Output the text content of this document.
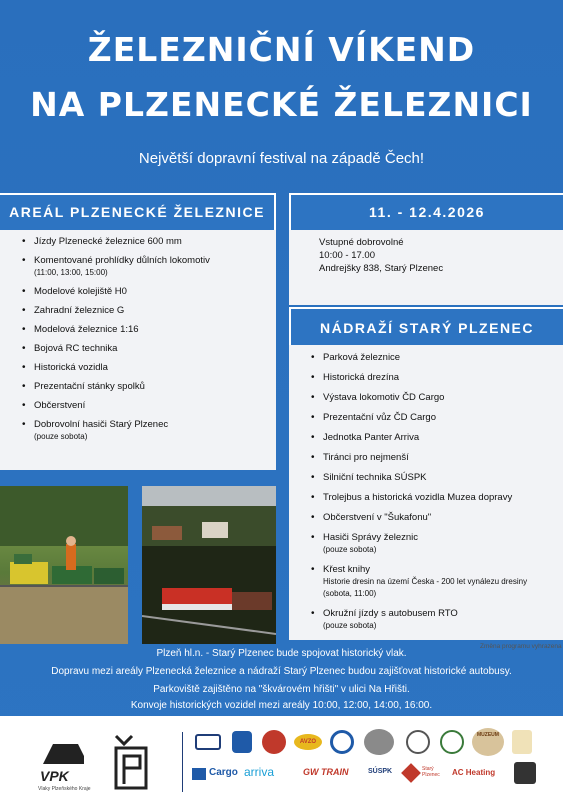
ŽELEZNIČNÍ VÍKEND
NA PLZENECKÉ ŽELEZNICI
Největší dopravní festival na západě Čech!
AREÁL PLZENECKÉ ŽELEZNICE	11. - 12.4.2026
• Jízdy Plzenecké železnice 600 mm
• Komentované prohlídky důlních lokomotiv
(11:00, 13:00, 15:00)
• Modelové kolejiště H0
• Zahradní železnice G
• Modelová železnice 1:16
• Bojová RC technika
• Historická vozidla
• Prezentační stánky spolků
• Občerstvení
• Dobrovolní hasiči Starý Plzenec
(pouze sobota)
Vstupné dobrovolné
10:00 - 17.00
Andrejšky 838, Starý Plzenec
NÁDRAŽÍ STARÝ PLZENEC
• Parková železnice
• Historická drezína
• Výstava lokomotiv ČD Cargo
• Prezentační vůz ČD Cargo
• Jednotka Panter Arriva
• Tiránci pro nejmenší
• Silniční technika SÚSPK
• Trolejbus a historická vozidla Muzea dopravy
• Občerstvení v "Šukafonu"
• Hasiči Správy železnic
(pouze sobota)
• Křest knihy
Historie dresin na území Česka - 200 let vynálezu dresiny
(sobota, 11:00)
• Okružní jízdy s autobusem RTO
(pouze sobota)
Změna programu vyhrazena
Plzeň hl.n. - Starý Plzenec bude spojovat historický vlak.
Dopravu mezi areály Plzenecká železnice a nádraží Starý Plzenec budou zajišťovat historické autobusy.
Parkoviště zajištěno na "škvárovém hřišti" v ulici Na Hřišti.
Konvoje historických vozidel mezi areály 10:00, 12:00, 14:00, 16:00.
VPK
Vlaky Plzeňského Kraje
AVZO
MUZEUM
Cargo arriva	GW TRAIN	SÚSPK	Starý Plzenec	AC Heating
